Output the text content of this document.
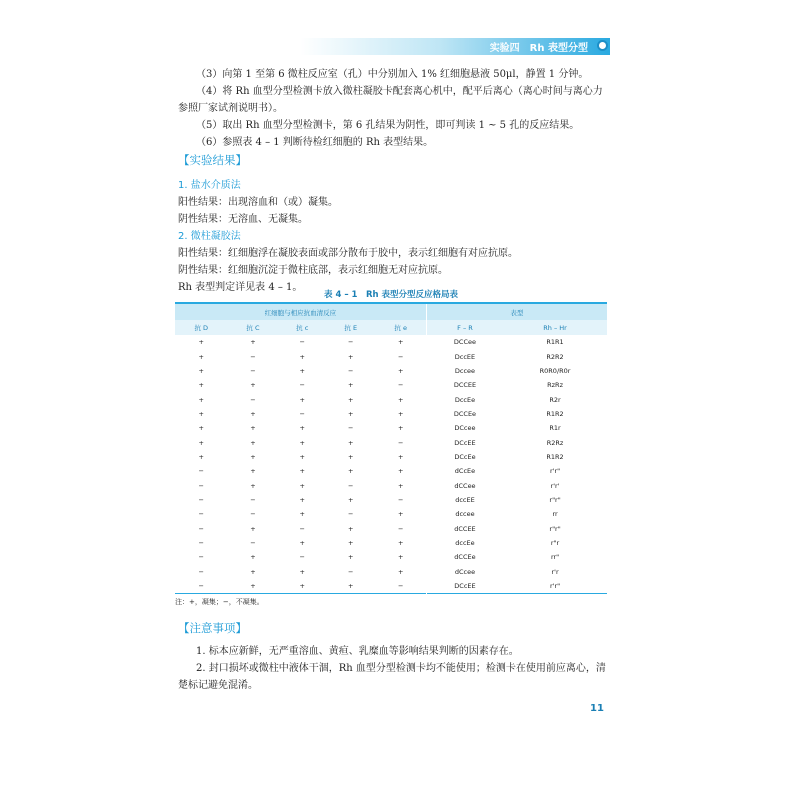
实验四　Rh 表型分型

（3）向第 1 至第 6 微柱反应室（孔）中分别加入 1% 红细胞悬液 50μl，静置 1 分钟。

（4）将 Rh 血型分型检测卡放入微柱凝胶卡配套离心机中，配平后离心（离心时间与离心力参照厂家试剂说明书）。

（5）取出 Rh 血型分型检测卡，第 6 孔结果为阴性，即可判读 1 ~ 5 孔的反应结果。

（6）参照表 4 – 1 判断待检红细胞的 Rh 表型结果。

【实验结果】

1. 盐水介质法

阳性结果：出现溶血和（或）凝集。

阴性结果：无溶血、无凝集。

2. 微柱凝胶法

阳性结果：红细胞浮在凝胶表面或部分散布于胶中，表示红细胞有对应抗原。

阴性结果：红细胞沉淀于微柱底部，表示红细胞无对应抗原。

Rh 表型判定详见表 4 – 1。

表 4 – 1　Rh 表型分型反应格局表
红细胞与相应抗血清反应					表型	
抗 D	抗 C	抗 c	抗 E	抗 e	F – R	Rh – Hr
+	+	−	−	+	DCCee	R1R1
+	−	+	+	−	DccEE	R2R2
+	−	+	−	+	Dccee	R0R0/R0r
+	+	−	+	−	DCCEE	RzRz
+	−	+	+	+	DccEe	R2r
+	+	−	+	+	DCCEe	R1R2
+	+	+	−	+	DCcee	R1r
+	+	+	+	−	DCcEE	R2Rz
+	+	+	+	+	DCcEe	R1R2
−	+	+	+	+	dCcEe	r'r"
−	+	+	−	+	dCCee	r'r'
−	−	+	+	−	dccEE	r"r"
−	−	+	−	+	dccee	rr
−	+	−	+	−	dCCEE	r"r"
−	−	+	+	+	dccEe	r"r
−	+	−	+	+	dCCEe	rr"
−	+	+	−	+	dCcee	r'r
−	+	+	+	−	DCcEE	r'r"
注：+，凝集；−，不凝集。

【注意事项】

1. 标本应新鲜，无严重溶血、黄疸、乳糜血等影响结果判断的因素存在。

2. 封口损坏或微柱中液体干涸，Rh 血型分型检测卡均不能使用；检测卡在使用前应离心，清楚标记避免混淆。

11
